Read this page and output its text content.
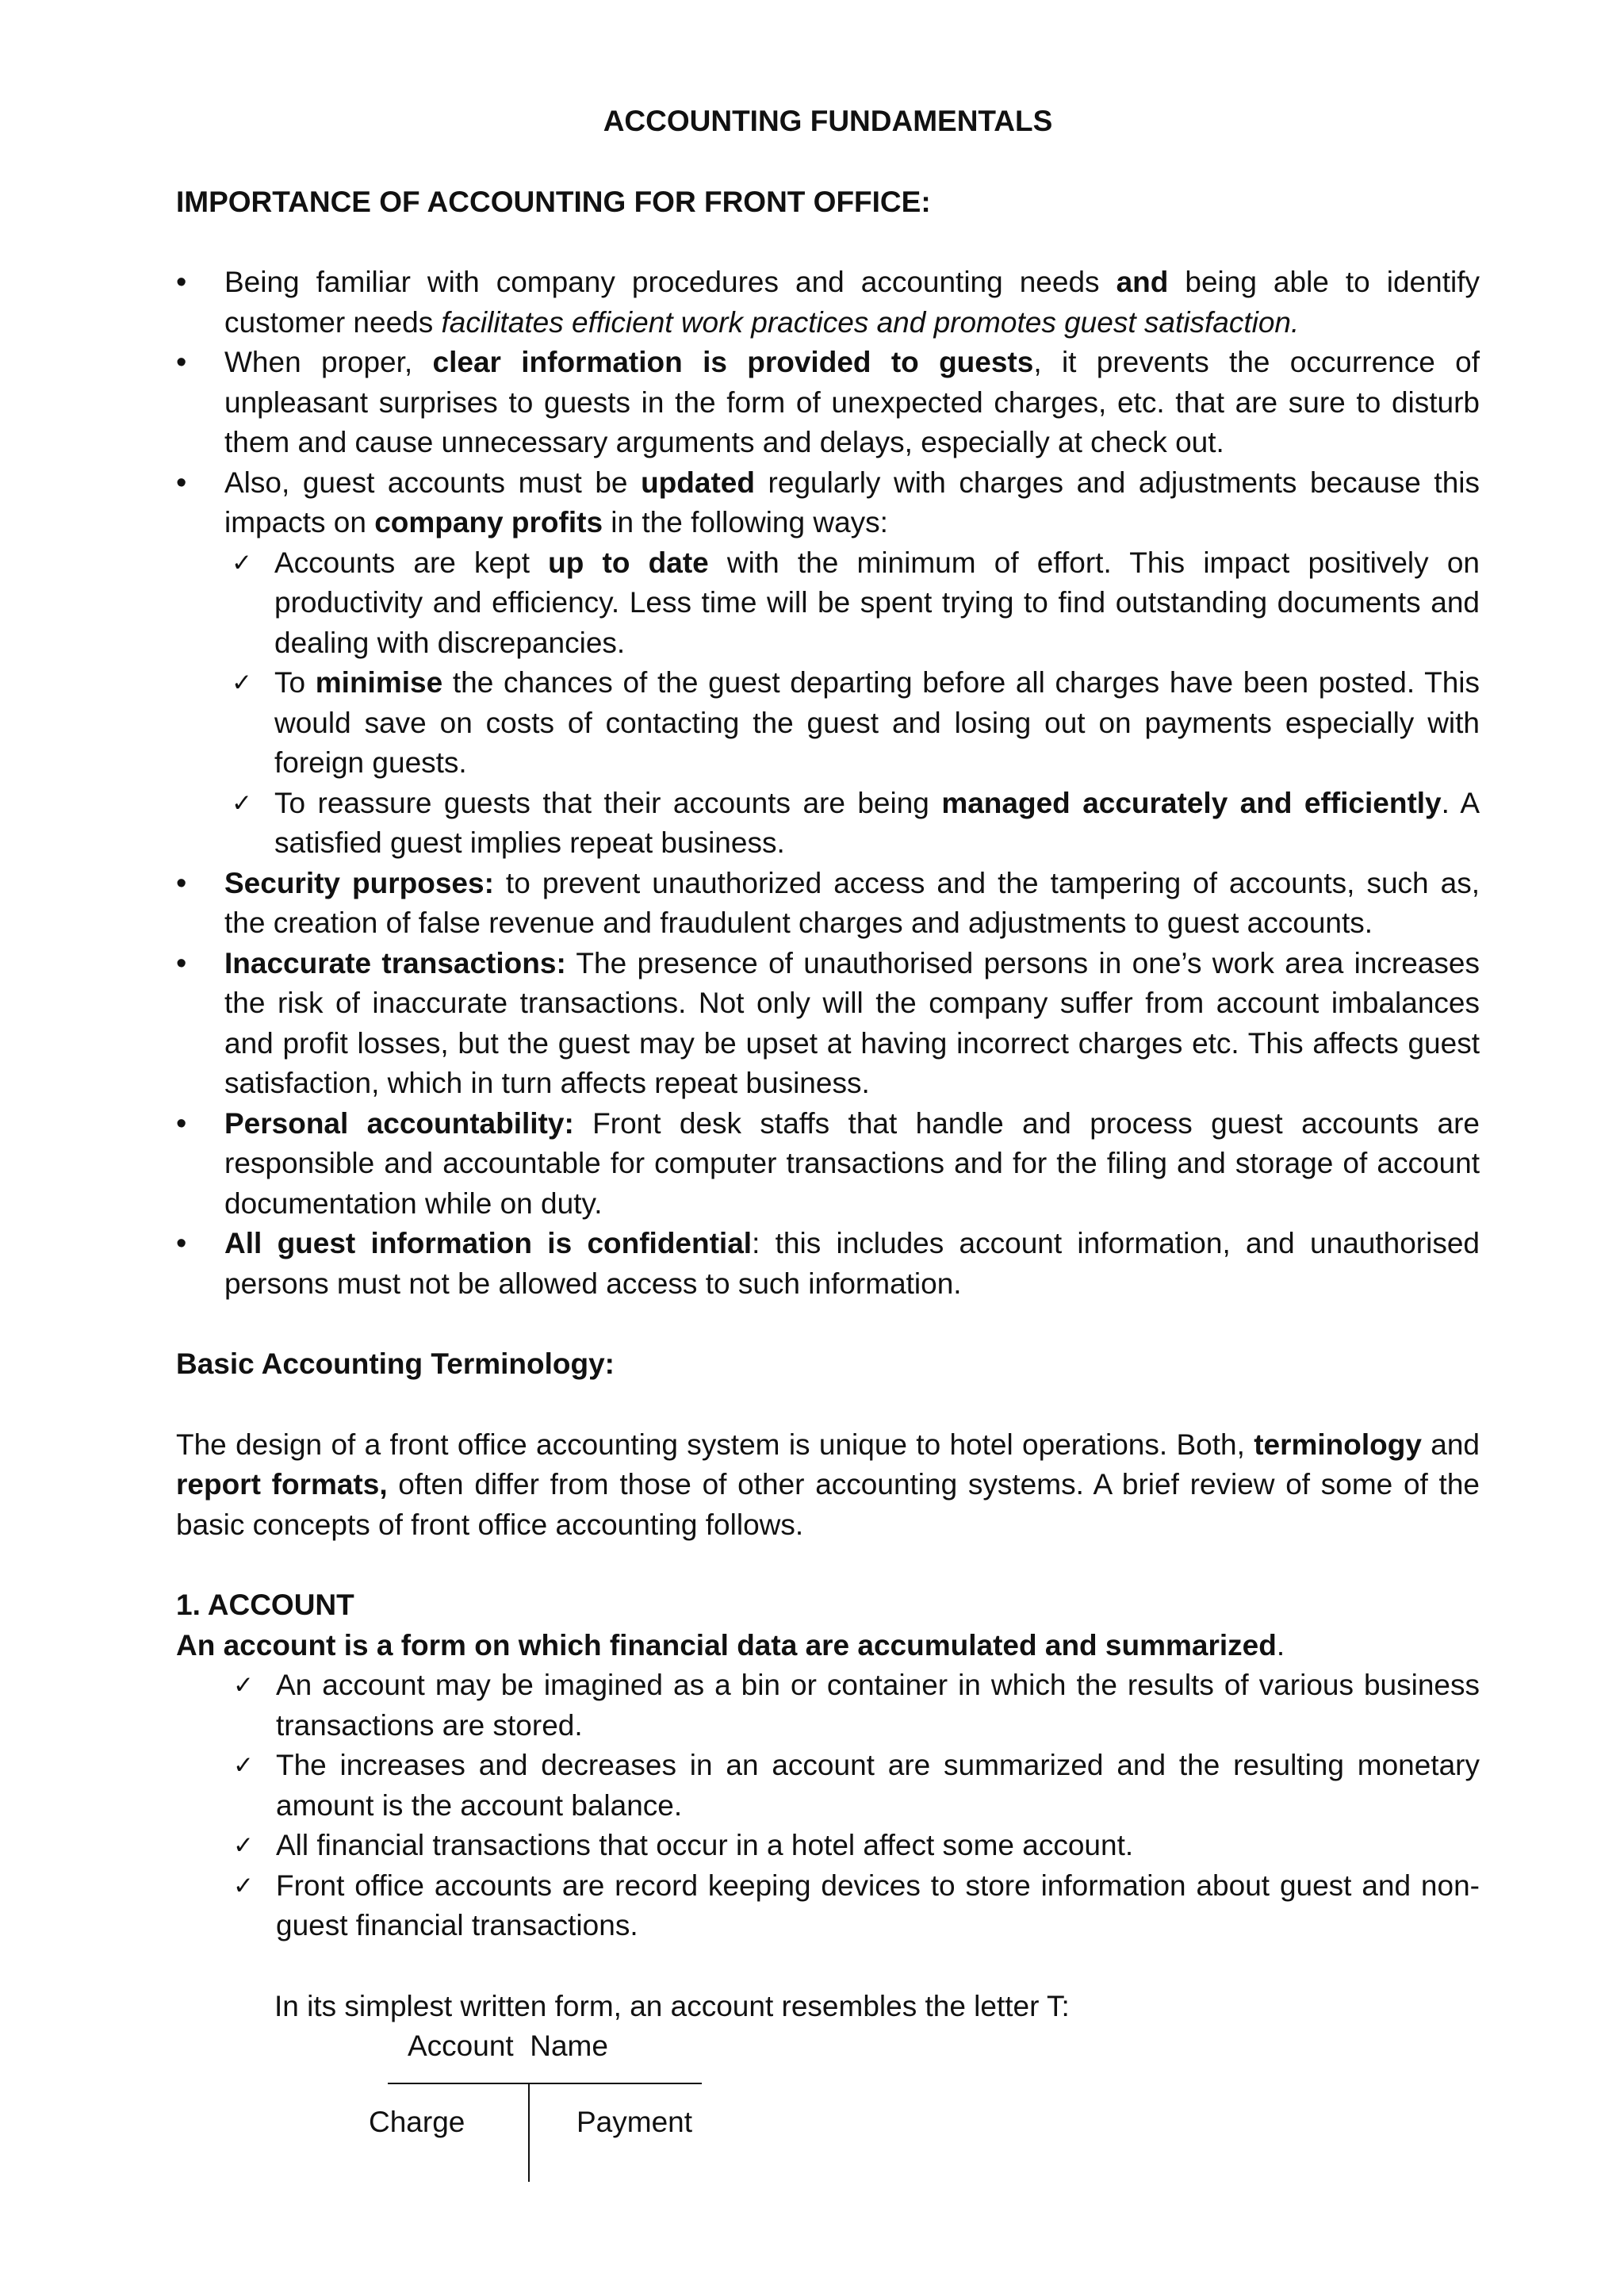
ACCOUNTING FUNDAMENTALS
IMPORTANCE OF ACCOUNTING FOR FRONT OFFICE:
• Being familiar with company procedures and accounting needs and being able to identify customer needs facilitates efficient work practices and promotes guest satisfaction.
• When proper, clear information is provided to guests, it prevents the occurrence of unpleasant surprises to guests in the form of unexpected charges, etc. that are sure to disturb them and cause unnecessary arguments and delays, especially at check out.
• Also, guest accounts must be updated regularly with charges and adjustments because this impacts on company profits in the following ways:
✓ Accounts are kept up to date with the minimum of effort. This impact positively on productivity and efficiency. Less time will be spent trying to find outstanding documents and dealing with discrepancies.
✓ To minimise the chances of the guest departing before all charges have been posted. This would save on costs of contacting the guest and losing out on payments especially with foreign guests.
✓ To reassure guests that their accounts are being managed accurately and efficiently. A satisfied guest implies repeat business.
• Security purposes: to prevent unauthorized access and the tampering of accounts, such as, the creation of false revenue and fraudulent charges and adjustments to guest accounts.
• Inaccurate transactions: The presence of unauthorised persons in one’s work area increases the risk of inaccurate transactions. Not only will the company suffer from account imbalances and profit losses, but the guest may be upset at having incorrect charges etc. This affects guest satisfaction, which in turn affects repeat business.
• Personal accountability: Front desk staffs that handle and process guest accounts are responsible and accountable for computer transactions and for the filing and storage of account documentation while on duty.
• All guest information is confidential: this includes account information, and unauthorised persons must not be allowed access to such information.
Basic Accounting Terminology:

The design of a front office accounting system is unique to hotel operations. Both, terminology and report formats, often differ from those of other accounting systems. A brief review of some of the basic concepts of front office accounting follows.

1. ACCOUNT
An account is a form on which financial data are accumulated and summarized.
✓ An account may be imagined as a bin or container in which the results of various business transactions are stored.
✓ The increases and decreases in an account are summarized and the resulting monetary amount is the account balance.
✓ All financial transactions that occur in a hotel affect some account.
✓ Front office accounts are record keeping devices to store information about guest and non-guest financial transactions.
In its simplest written form, an account resembles the letter T:
Account  Name
Charge	Payment
